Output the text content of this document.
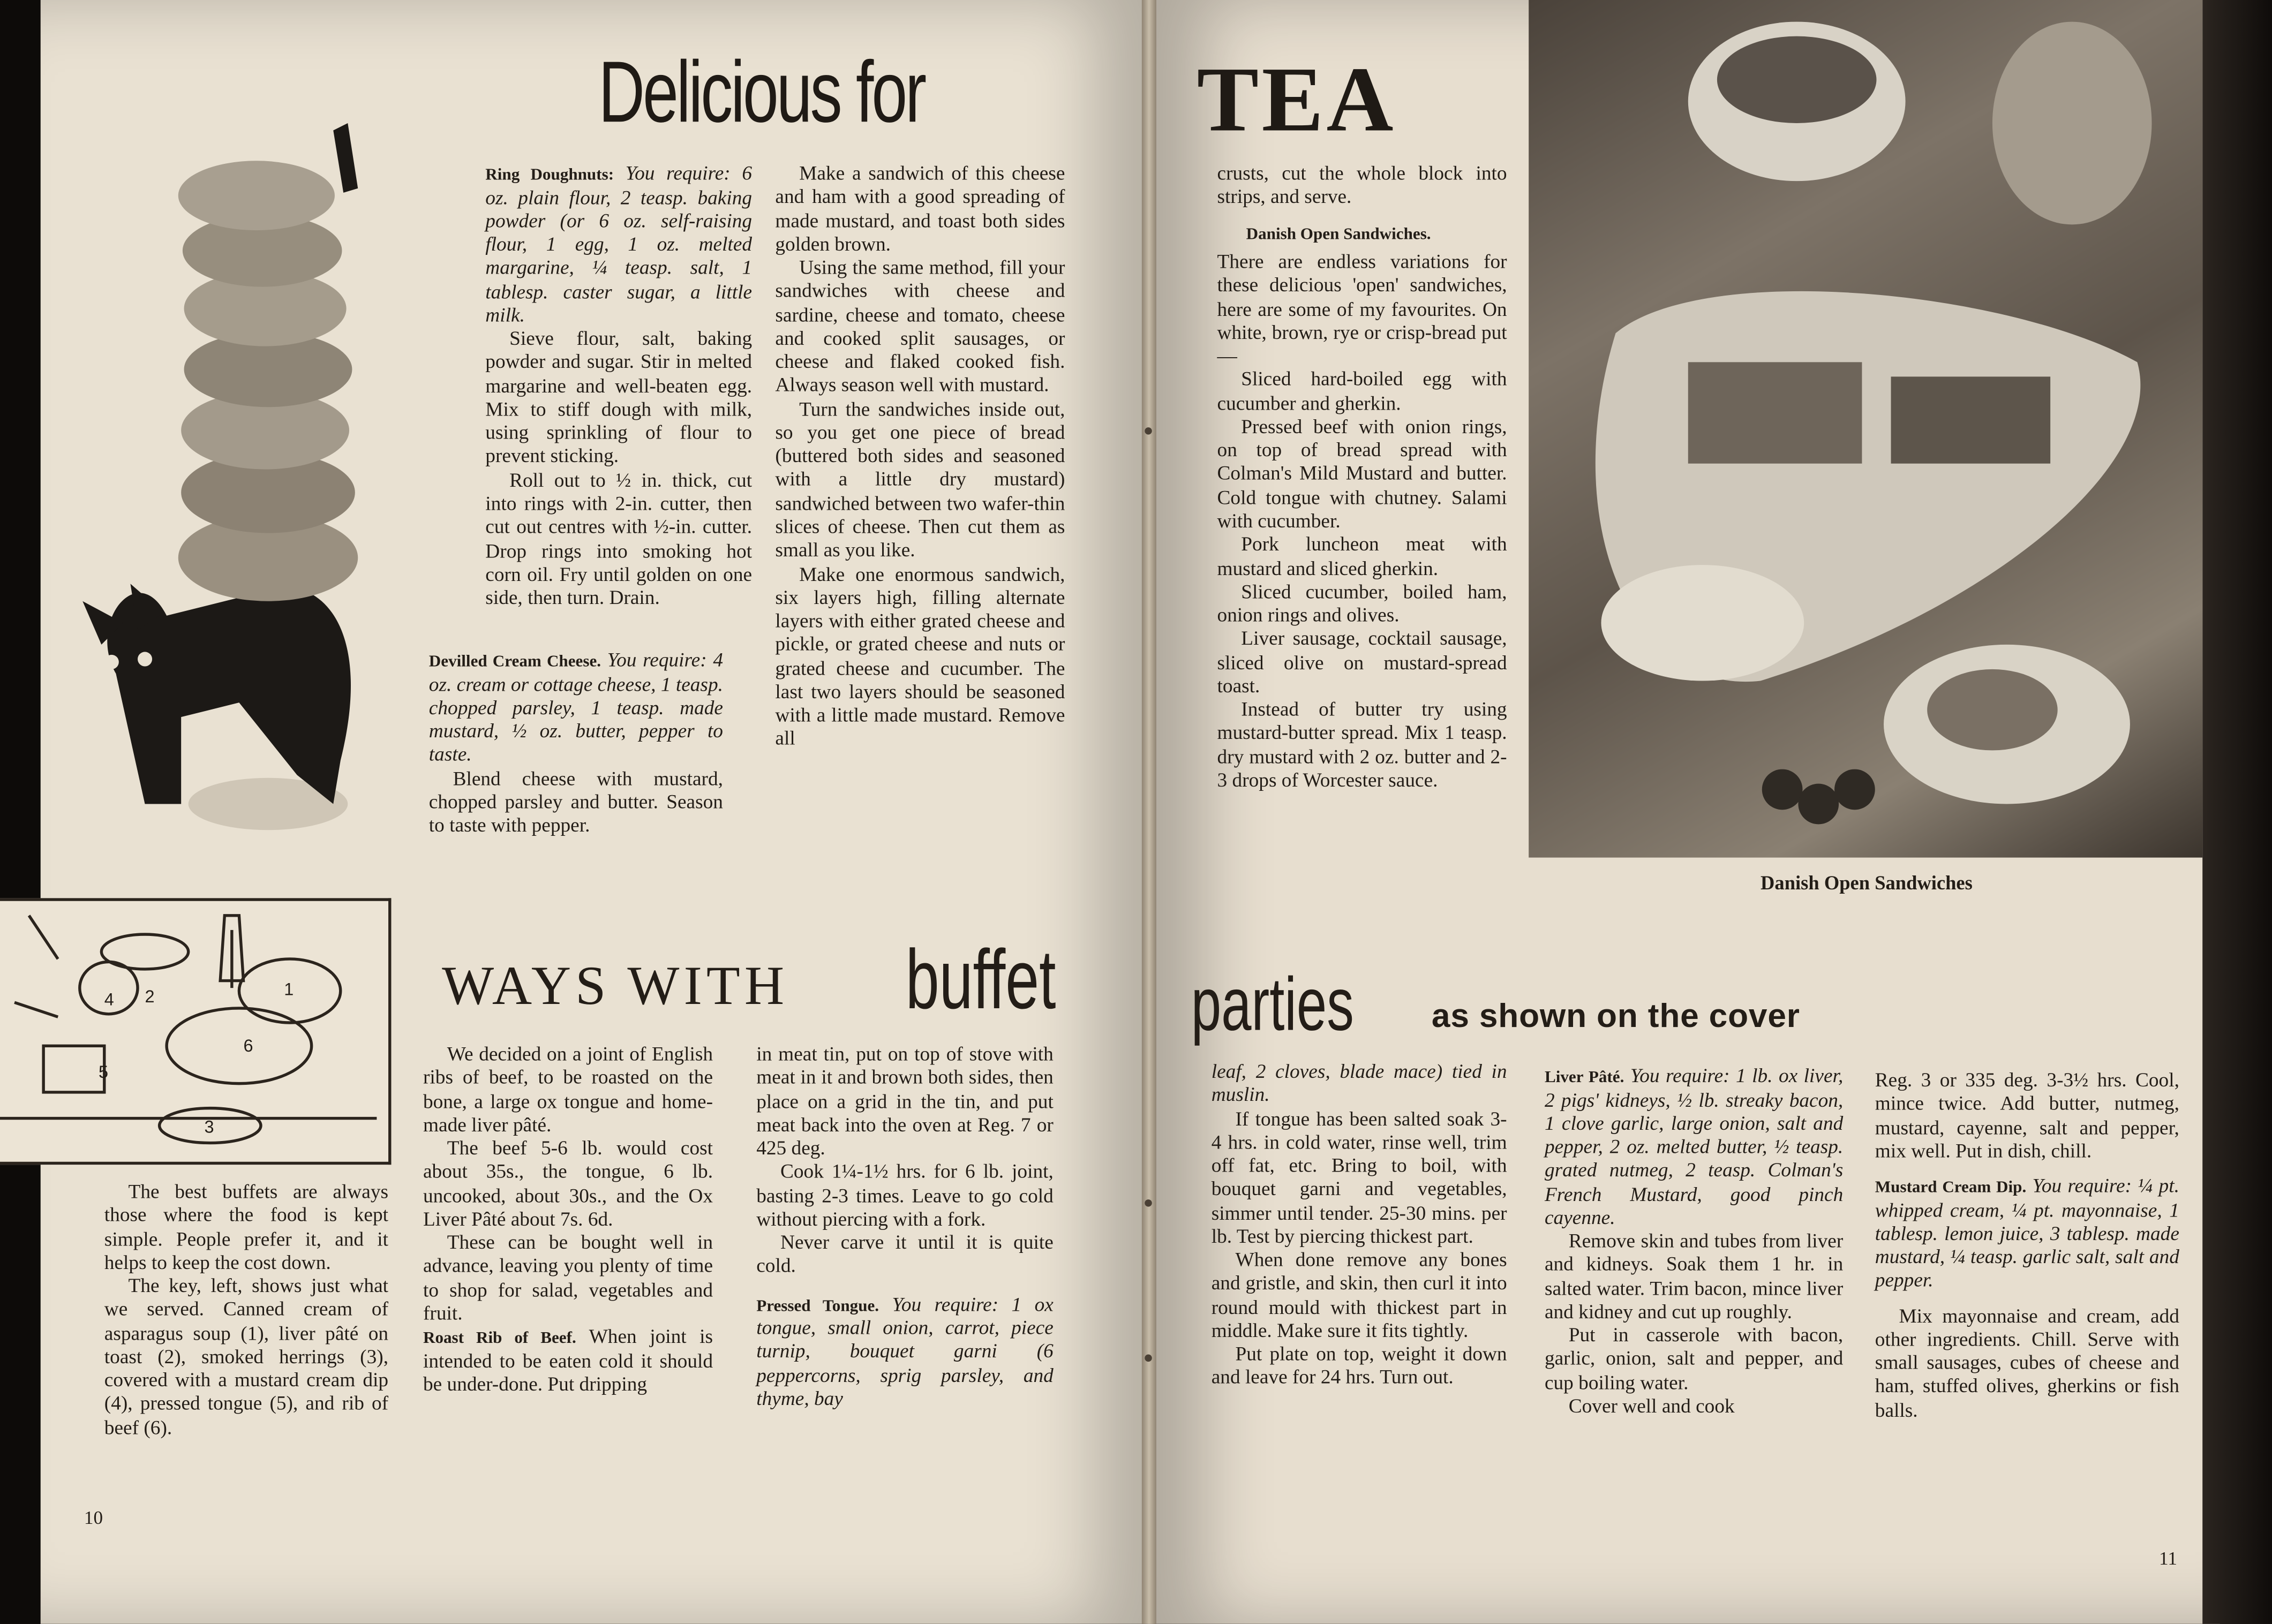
Delicious for	TEA

Ring Doughnuts: You require: 6 oz. plain flour, 2 teasp. baking powder (or 6 oz. self-raising flour, 1 egg, 1 oz. melted margarine, ¼ teasp. salt, 1 tablesp. caster sugar, a little milk.

Sieve flour, salt, baking powder and sugar. Stir in melted margarine and well-beaten egg. Mix to stiff dough with milk, using sprinkling of flour to prevent sticking.

Roll out to ½ in. thick, cut into rings with 2-in. cutter, then cut out centres with ½-in. cutter. Drop rings into smoking hot corn oil. Fry until golden on one side, then turn. Drain.

Devilled Cream Cheese. You require: 4 oz. cream or cottage cheese, 1 teasp. chopped parsley, 1 teasp. made mustard, ½ oz. butter, pepper to taste.

Blend cheese with mustard, chopped parsley and butter. Season to taste with pepper.

Make a sandwich of this cheese and ham with a good spreading of made mustard, and toast both sides golden brown.

Using the same method, fill your sandwiches with cheese and sardine, cheese and tomato, cheese and cooked split sausages, or cheese and flaked cooked fish. Always season well with mustard.

Turn the sandwiches inside out, so you get one piece of bread (buttered both sides and seasoned with a little dry mustard) sandwiched between two wafer-thin slices of cheese. Then cut them as small as you like.

Make one enormous sandwich, six layers high, filling alternate layers with either grated cheese and pickle, or grated cheese and nuts or grated cheese and cucumber. The last two layers should be seasoned with a little made mustard. Remove all

crusts, cut the whole block into strips, and serve.

Danish Open Sandwiches.

There are endless variations for these delicious 'open' sandwiches, here are some of my favourites. On white, brown, rye or crisp-bread put—

Sliced hard-boiled egg with cucumber and gherkin.

Pressed beef with onion rings, on top of bread spread with Colman's Mild Mustard and butter. Cold tongue with chutney. Salami with cucumber.

Pork luncheon meat with mustard and sliced gherkin.

Sliced cucumber, boiled ham, onion rings and olives.

Liver sausage, cocktail sausage, sliced olive on mustard-spread toast.

Instead of butter try using mustard-butter spread. Mix 1 teasp. dry mustard with 2 oz. butter and 2-3 drops of Worcester sauce.

Danish Open Sandwiches
WAYS WITH	buffet	parties	as shown on the cover
1
2
3
4
5
6

The best buffets are always those where the food is kept simple. People prefer it, and it helps to keep the cost down.

The key, left, shows just what we served. Canned cream of asparagus soup (1), liver pâté on toast (2), smoked herrings (3), covered with a mustard cream dip (4), pressed tongue (5), and rib of beef (6).

We decided on a joint of English ribs of beef, to be roasted on the bone, a large ox tongue and home-made liver pâté.

The beef 5-6 lb. would cost about 35s., the tongue, 6 lb. uncooked, about 30s., and the Ox Liver Pâté about 7s. 6d.

These can be bought well in advance, leaving you plenty of time to shop for salad, vegetables and fruit.

Roast Rib of Beef. When joint is intended to be eaten cold it should be under-done. Put dripping

in meat tin, put on top of stove with meat in it and brown both sides, then place on a grid in the tin, and put meat back into the oven at Reg. 7 or 425 deg.

Cook 1¼-1½ hrs. for 6 lb. joint, basting 2-3 times. Leave to go cold without piercing with a fork.

Never carve it until it is quite cold.

Pressed Tongue. You require: 1 ox tongue, small onion, carrot, piece turnip, bouquet garni (6 peppercorns, sprig parsley, and thyme, bay

leaf, 2 cloves, blade mace) tied in muslin.

If tongue has been salted soak 3-4 hrs. in cold water, rinse well, trim off fat, etc. Bring to boil, with bouquet garni and vegetables, simmer until tender. 25-30 mins. per lb. Test by piercing thickest part.

When done remove any bones and gristle, and skin, then curl it into round mould with thickest part in middle. Make sure it fits tightly.

Put plate on top, weight it down and leave for 24 hrs. Turn out.

Liver Pâté. You require: 1 lb. ox liver, 2 pigs' kidneys, ½ lb. streaky bacon, 1 clove garlic, large onion, salt and pepper, 2 oz. melted butter, ½ teasp. grated nutmeg, 2 teasp. Colman's French Mustard, good pinch cayenne.

Remove skin and tubes from liver and kidneys. Soak them 1 hr. in salted water. Trim bacon, mince liver and kidney and cut up roughly.

Put in casserole with bacon, garlic, onion, salt and pepper, and cup boiling water.

Cover well and cook

Reg. 3 or 335 deg. 3-3½ hrs. Cool, mince twice. Add butter, nutmeg, mustard, cayenne, salt and pepper, mix well. Put in dish, chill.

Mustard Cream Dip. You require: ¼ pt. whipped cream, ¼ pt. mayonnaise, 1 tablesp. lemon juice, 3 tablesp. made mustard, ¼ teasp. garlic salt, salt and pepper.

Mix mayonnaise and cream, add other ingredients. Chill. Serve with small sausages, cubes of cheese and ham, stuffed olives, gherkins or fish balls.

10
11
